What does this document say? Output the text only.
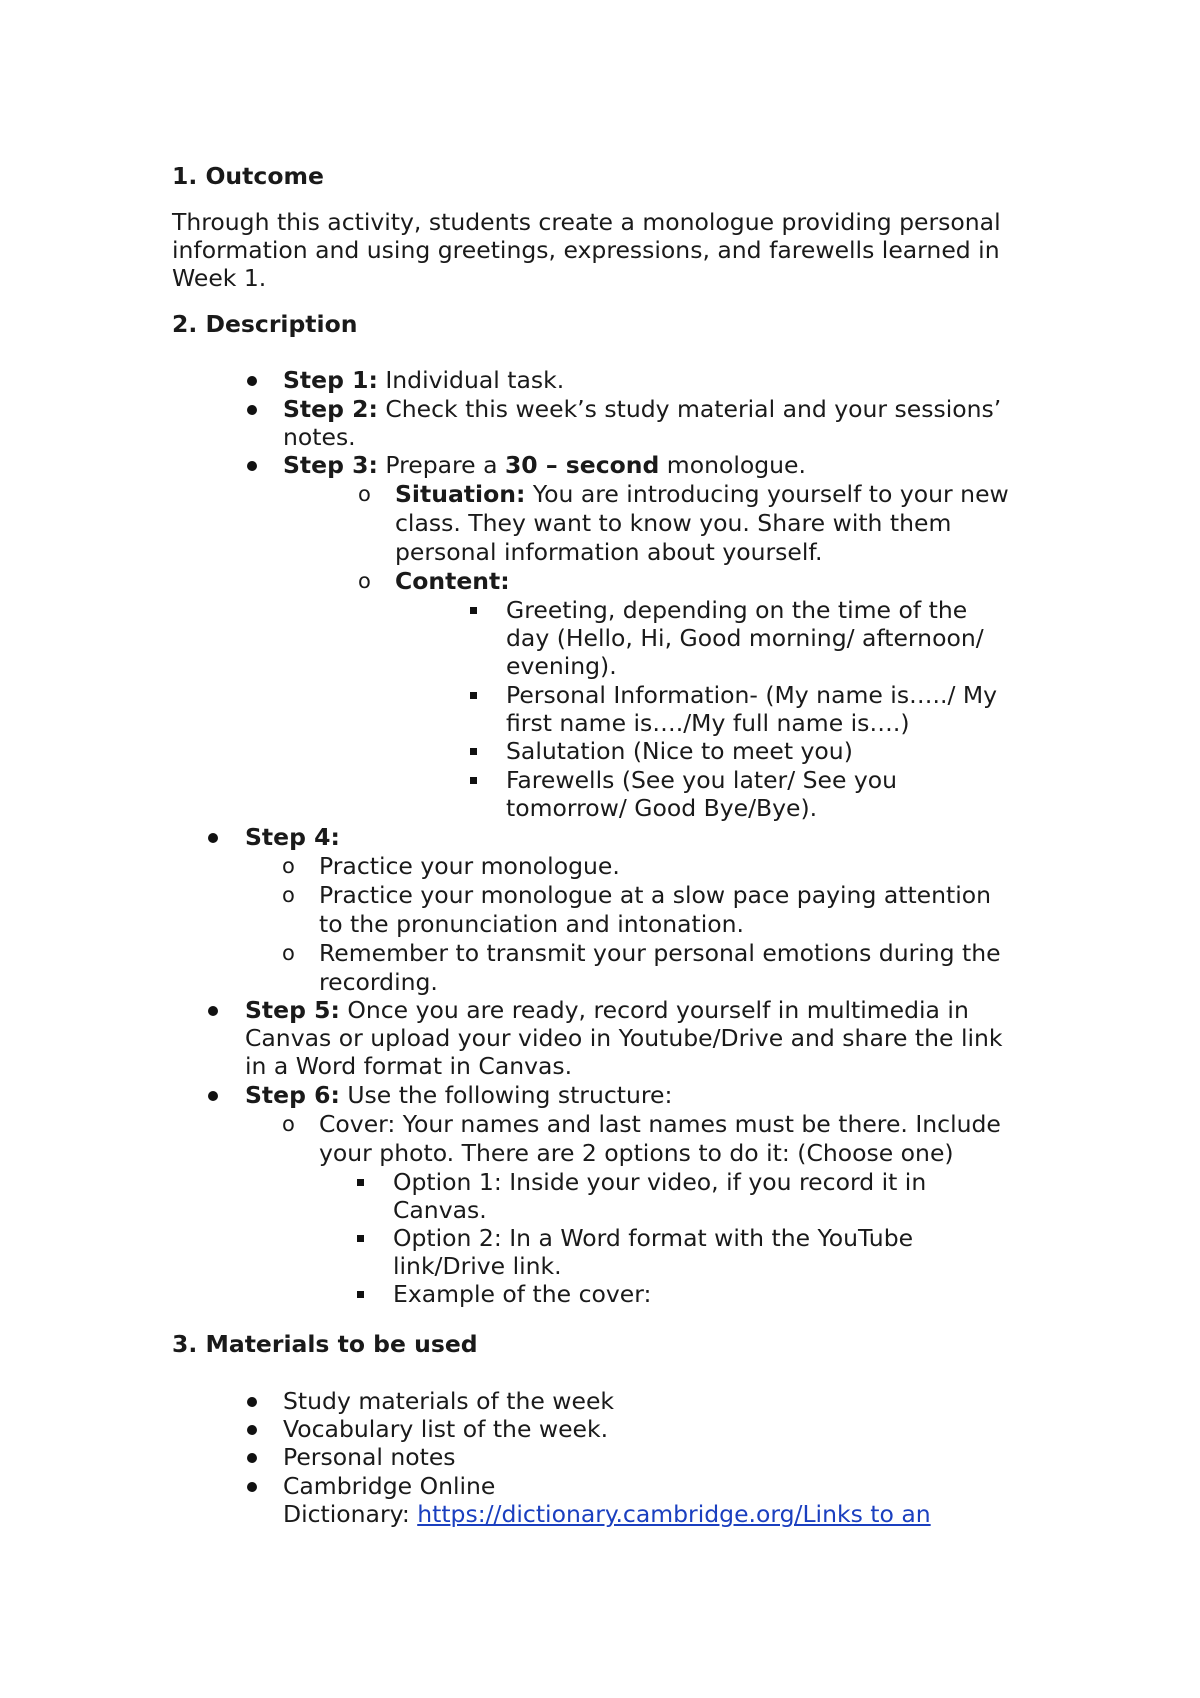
1. Outcome
Through this activity, students create a monologue providing personal
information and using greetings, expressions, and farewells learned in
Week 1.
2. Description
Step 1: Individual task.
Step 2: Check this week’s study material and your sessions’
notes.
Step 3: Prepare a 30 – second monologue.
o Situation: You are introducing yourself to your new
class. They want to know you. Share with them
personal information about yourself.
o Content:
Greeting, depending on the time of the
day (Hello, Hi, Good morning/ afternoon/
evening).
Personal Information- (My name is…../ My
first name is…./My full name is….)
Salutation (Nice to meet you)
Farewells (See you later/ See you
tomorrow/ Good Bye/Bye).
Step 4:
o Practice your monologue.
o Practice your monologue at a slow pace paying attention
to the pronunciation and intonation.
o Remember to transmit your personal emotions during the
recording.
Step 5: Once you are ready, record yourself in multimedia in
Canvas or upload your video in Youtube/Drive and share the link
in a Word format in Canvas.
Step 6: Use the following structure:
o Cover: Your names and last names must be there. Include
your photo. There are 2 options to do it: (Choose one)
Option 1: Inside your video, if you record it in
Canvas.
Option 2: In a Word format with the YouTube
link/Drive link.
Example of the cover:
3. Materials to be used
Study materials of the week
Vocabulary list of the week.
Personal notes
Cambridge Online
Dictionary: https://dictionary.cambridge.org/Links to an
